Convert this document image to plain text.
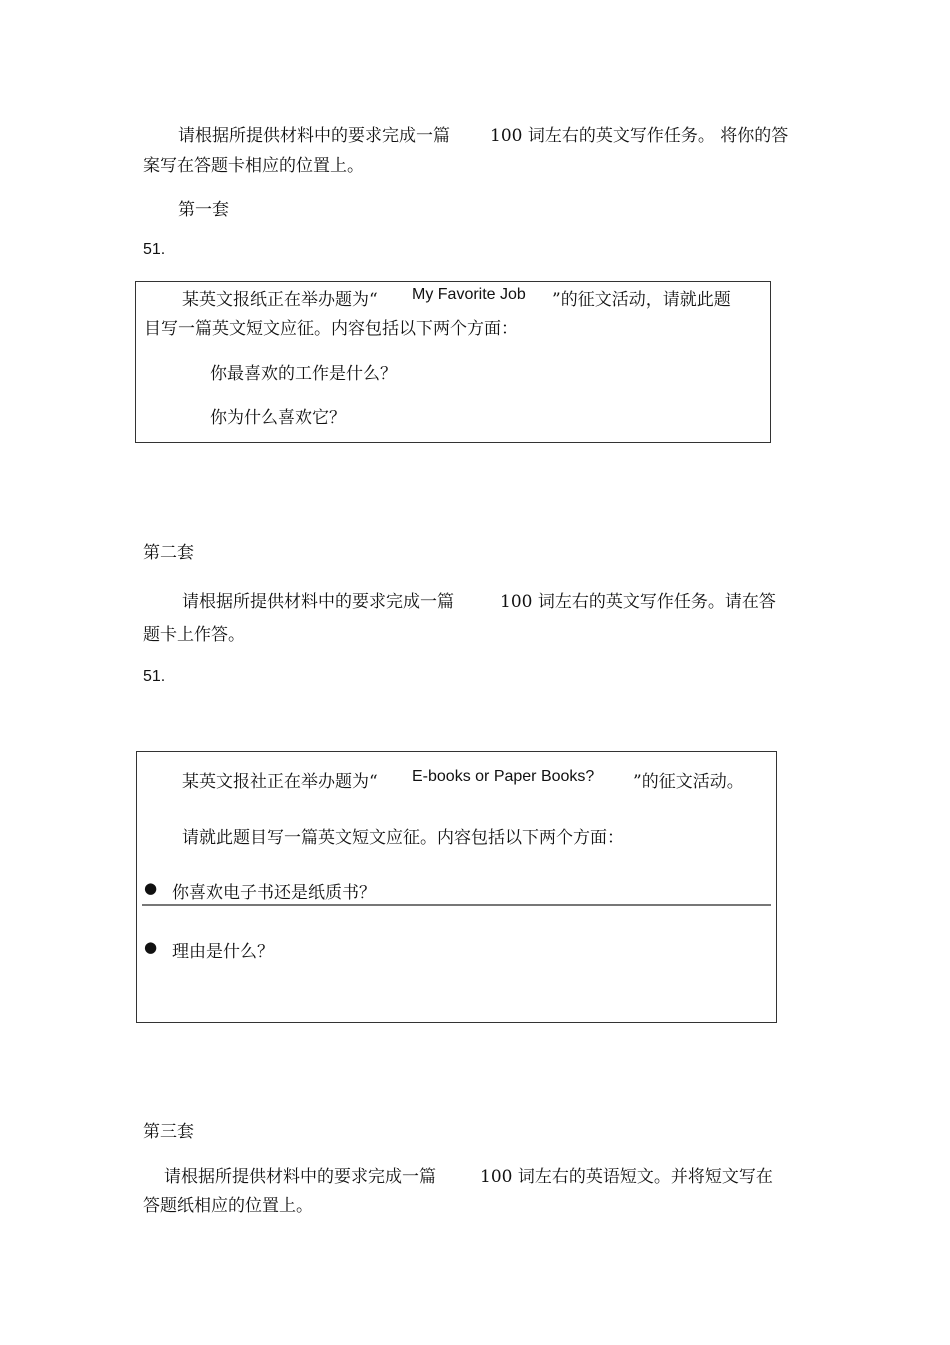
请根据所提供材料中的要求完成一篇 100 词左右的英文写作任务。 将你的答
案写在答题卡相应的位置上。
第一套
51.
某英文报纸正在举办题为“ My Favorite Job ”的征文活动，请就此题
目写一篇英文短文应征。内容包括以下两个方面：
你最喜欢的工作是什么？
你为什么喜欢它？
第二套
请根据所提供材料中的要求完成一篇	100 词左右的英文写作任务。请在答
题卡上作答。
51.
某英文报社正在举办题为“ E-books or Paper Books? ”的征文活动。
请就此题目写一篇英文短文应征。内容包括以下两个方面：
● 你喜欢电子书还是纸质书？
● 理由是什么？
第三套
请根据所提供材料中的要求完成一篇	100 词左右的英语短文。并将短文写在
答题纸相应的位置上。
